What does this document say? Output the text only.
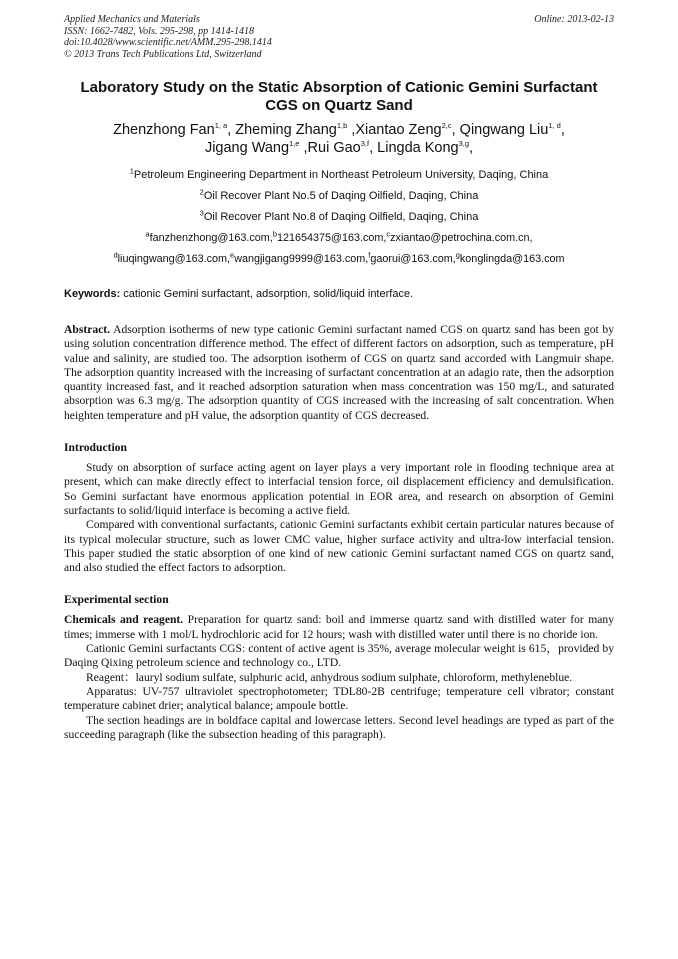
Applied Mechanics and Materials
ISSN: 1662-7482, Vols. 295-298, pp 1414-1418
doi:10.4028/www.scientific.net/AMM.295-298.1414
© 2013 Trans Tech Publications Ltd, Switzerland
Online: 2013-02-13
Laboratory Study on the Static Absorption of Cationic Gemini Surfactant
CGS on Quartz Sand
Zhenzhong Fan$^{1, a}$, Zheming Zhang$^{1,b}$ ,Xiantao Zeng$^{2,c}$, Qingwang Liu$^{1, d}$,
Jigang Wang$^{1,e}$ ,Rui Gao$^{3,f}$, Lingda Kong$^{3,g}$,
$^1$Petroleum Engineering Department in Northeast Petroleum University, Daqing, China
$^2$Oil Recover Plant No.5 of Daqing Oilfield, Daqing, China
$^3$Oil Recover Plant No.8 of Daqing Oilfield, Daqing, China
$^a$fanzhenzhong@163.com,$^b$121654375@163.com,$^c$zxiantao@petrochina.com.cn,
$^d$liuqingwang@163.com,$^e$wangjigang9999@163.com,$^f$gaorui@163.com,$^g$konglingda@163.com
Keywords: cationic Gemini surfactant, adsorption, solid/liquid interface.
Abstract. Adsorption isotherms of new type cationic Gemini surfactant named CGS on quartz sand has been got by using solution concentration difference method. The effect of different factors on adsorption, such as temperature, pH value and salinity, are studied too. The adsorption isotherm of CGS on quartz sand accorded with Langmuir shape. The adsorption quantity increased with the increasing of surfactant concentration at an adagio rate, then the adsorption quantity increased fast, and it reached adsorption saturation when mass concentration was 150 mg/L, and saturated absorption was 6.3 mg/g. The adsorption quantity of CGS increased with the increasing of salt concentration. When heighten temperature and pH value, the adsorption quantity of CGS decreased.
Introduction

Study on absorption of surface acting agent on layer plays a very important role in flooding technique area at present, which can make directly effect to interfacial tension force, oil displacement efficiency and demulsification. So Gemini surfactant have enormous application potential in EOR area, and research on absorption of Gemini surfactants to solid/liquid interface is becoming a active field.

Compared with conventional surfactants, cationic Gemini surfactants exhibit certain particular natures because of its typical molecular structure, such as lower CMC value, higher surface activity and ultra-low interfacial tension. This paper studied the static absorption of one kind of new cationic Gemini surfactant named CGS on quartz sand, and also studied the effect factors to adsorption.

Experimental section

Chemicals and reagent. Preparation for quartz sand: boil and immerse quartz sand with distilled water for many times; immerse with 1 mol/L hydrochloric acid for 12 hours; wash with distilled water until there is no choride ion.

Cationic Gemini surfactants CGS: content of active agent is 35%, average molecular weight is 615，provided by Daqing Qixing petroleum science and technology co., LTD.

Reagent：lauryl sodium sulfate, sulphuric acid, anhydrous sodium sulphate, chloroform, methyleneblue.

Apparatus: UV-757 ultraviolet spectrophotometer; TDL80-2B centrifuge; temperature cell vibrator; constant temperature cabinet drier; analytical balance; ampoule bottle.

The section headings are in boldface capital and lowercase letters. Second level headings are typed as part of the succeeding paragraph (like the subsection heading of this paragraph).
